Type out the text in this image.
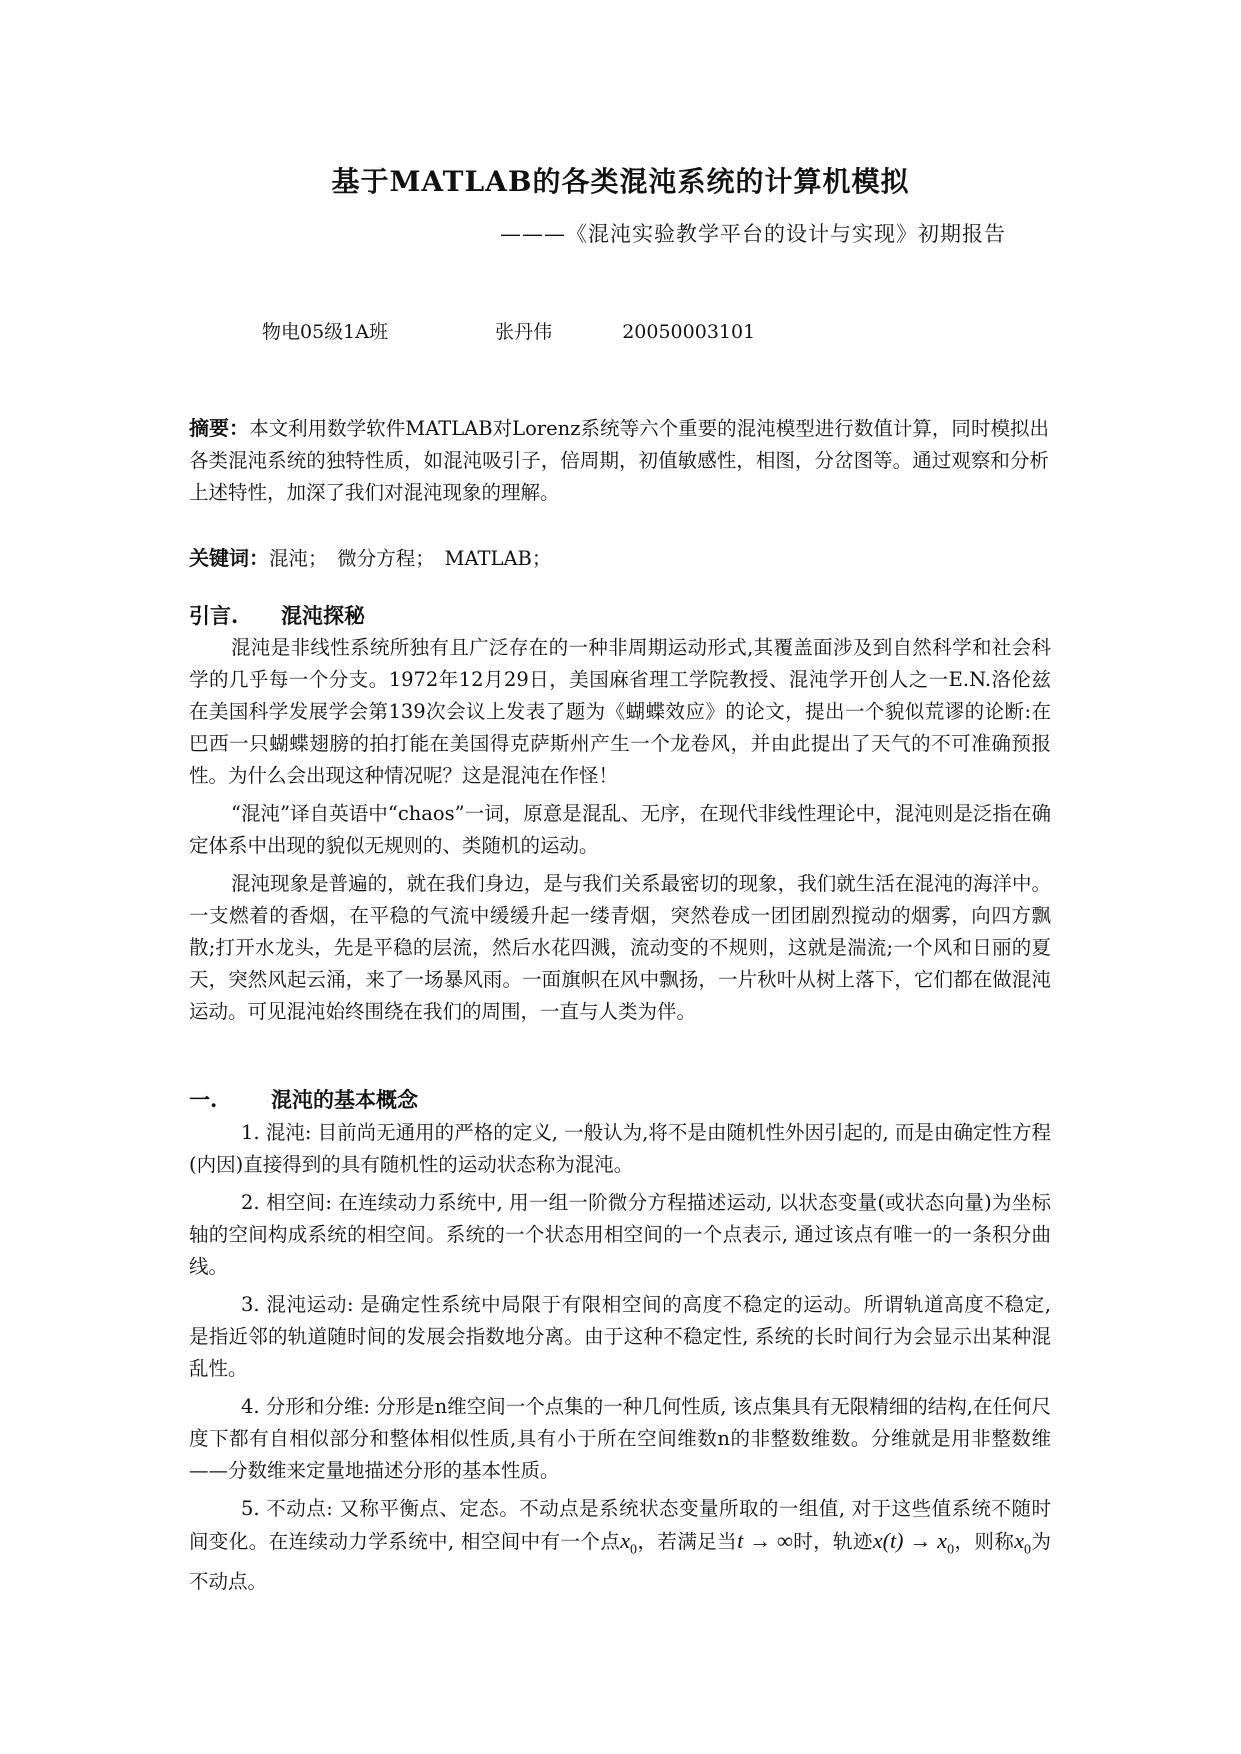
基于MATLAB的各类混沌系统的计算机模拟
———《混沌实验教学平台的设计与实现》初期报告
物电05级1A班	张丹伟	20050003101
摘要：本文利用数学软件MATLAB对Lorenz系统等六个重要的混沌模型进行数值计算，同时模拟出各类混沌系统的独特性质，如混沌吸引子，倍周期，初值敏感性，相图，分岔图等。通过观察和分析上述特性，加深了我们对混沌现象的理解。
关键词：混沌；　微分方程；　MATLAB；
引言. 混沌探秘

混沌是非线性系统所独有且广泛存在的一种非周期运动形式,其覆盖面涉及到自然科学和社会科学的几乎每一个分支。1972年12月29日，美国麻省理工学院教授、混沌学开创人之一E.N.洛伦兹在美国科学发展学会第139次会议上发表了题为《蝴蝶效应》的论文，提出一个貌似荒谬的论断:在巴西一只蝴蝶翅膀的拍打能在美国得克萨斯州产生一个龙卷风，并由此提出了天气的不可准确预报性。为什么会出现这种情况呢？这是混沌在作怪！

“混沌”译自英语中“chaos”一词，原意是混乱、无序，在现代非线性理论中，混沌则是泛指在确定体系中出现的貌似无规则的、类随机的运动。

混沌现象是普遍的，就在我们身边，是与我们关系最密切的现象，我们就生活在混沌的海洋中。一支燃着的香烟，在平稳的气流中缓缓升起一缕青烟，突然卷成一团团剧烈搅动的烟雾，向四方飘散;打开水龙头，先是平稳的层流，然后水花四溅，流动变的不规则，这就是湍流;一个风和日丽的夏天，突然风起云涌，来了一场暴风雨。一面旗帜在风中飘扬，一片秋叶从树上落下，它们都在做混沌运动。可见混沌始终围绕在我们的周围，一直与人类为伴。

一.	混沌的基本概念

1. 混沌: 目前尚无通用的严格的定义, 一般认为,将不是由随机性外因引起的, 而是由确定性方程(内因)直接得到的具有随机性的运动状态称为混沌。

2. 相空间: 在连续动力系统中, 用一组一阶微分方程描述运动, 以状态变量(或状态向量)为坐标轴的空间构成系统的相空间。系统的一个状态用相空间的一个点表示, 通过该点有唯一的一条积分曲线。

3. 混沌运动: 是确定性系统中局限于有限相空间的高度不稳定的运动。所谓轨道高度不稳定, 是指近邻的轨道随时间的发展会指数地分离。由于这种不稳定性, 系统的长时间行为会显示出某种混乱性。

4. 分形和分维: 分形是n维空间一个点集的一种几何性质, 该点集具有无限精细的结构,在任何尺度下都有自相似部分和整体相似性质,具有小于所在空间维数n的非整数维数。分维就是用非整数维——分数维来定量地描述分形的基本性质。

5. 不动点: 又称平衡点、定态。不动点是系统状态变量所取的一组值, 对于这些值系统不随时间变化。在连续动力学系统中, 相空间中有一个点$x_0$，若满足当t → ∞时，轨迹$x(t) \to x_0$，则称$x_0$为不动点。
